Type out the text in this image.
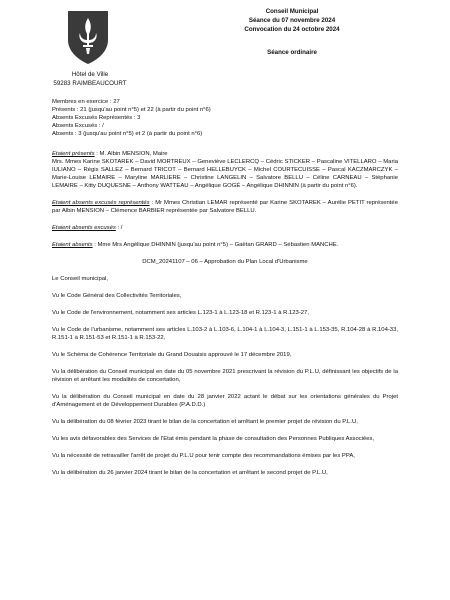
Hôtel de Ville
59283 RAIMBEAUCOURT
Conseil Municipal
Séance du 07 novembre 2024
Convocation du 24 octobre 2024
Séance ordinaire

Membres en exercice : 27

Présents : 21 (jusqu'au point n°5) et 22 (à partir du point n°6)

Absents Excusés Représentés : 3

Absents Excusés : /

Absents : 3 (jusqu'au point n°5) et 2 (à partir du point n°6)

Etaient présents : M. Albin MENSION, Maire
Mrs. Mmes Karine SKOTAREK – David MORTREUX – Geneviève LECLERCQ – Cédric STICKER – Pascaline VITELLARO – Maria IULIANO – Régis SALLEZ – Bernard TRICOT – Bernard HELLEBUYCK – Michel COURTECUISSE – Pascal KACZMARCZYK – Marie-Louise LEMAIRE – Maryline MARLIERE – Christine LANGELIN – Salvatore BELLU – Céline CARNEAU – Stéphanie LEMAIRE – Kitty DUQUESNE – Anthony WATTEAU – Angélique GOGÉ – Angélique DHINNIN (à partir du point n°6).

Etaient absents excusés représentés : Mr Mmes Christian LEMAR représenté par Karine SKOTAREK – Aurélie PETIT représentée par Albin MENSION – Clémence BARBIER représentée par Salvatore BELLU.

Etaient absents excusés : /

Etaient absents : Mme Mrs Angélique DHINNIN (jusqu'au point n°5) – Gaëtan GRARD – Sébastien MANCHE.

DCM_20241107 – 06 – Approbation du Plan Local d'Urbanisme

Le Conseil municipal,

Vu le Code Général des Collectivités Territoriales,

Vu le Code de l'environnement, notamment ses articles L.123-1 à L.123-18 et R.123-1 à R.123-27,

Vu le Code de l'urbanisme, notamment ses articles L.103-2 à L.103-6, L.104-1 à L.104-3, L.151-1 à L.153-35, R.104-28 à R.104-33, R.151-1 à R.151-53 et R.151-1 à R.153-22,

Vu le Schéma de Cohérence Territoriale du Grand Douaisis approuvé le 17 décembre 2019,

Vu la délibération du Conseil municipal en date du 05 novembre 2021 prescrivant la révision du P.L.U, définissant les objectifs de la révision et arrêtant les modalités de concertation,

Vu la délibération du Conseil municipal en date du 28 janvier 2022 actant le débat sur les orientations générales du Projet d'Aménagement et de Développement Durables (P.A.D.D.)

Vu la délibération du 08 février 2023 tirant le bilan de la concertation et arrêtant le premier projet de révision du P.L.U,

Vu les avis défavorables des Services de l'Etat émis pendant la phase de consultation des Personnes Publiques Associées,

Vu la nécessité de retravailler l'arrêt de projet du P.L.U pour tenir compte des recommandations émises par les PPA,

Vu la délibération du 26 janvier 2024 tirant le bilan de la concertation et arrêtant le second projet de P.L.U,
